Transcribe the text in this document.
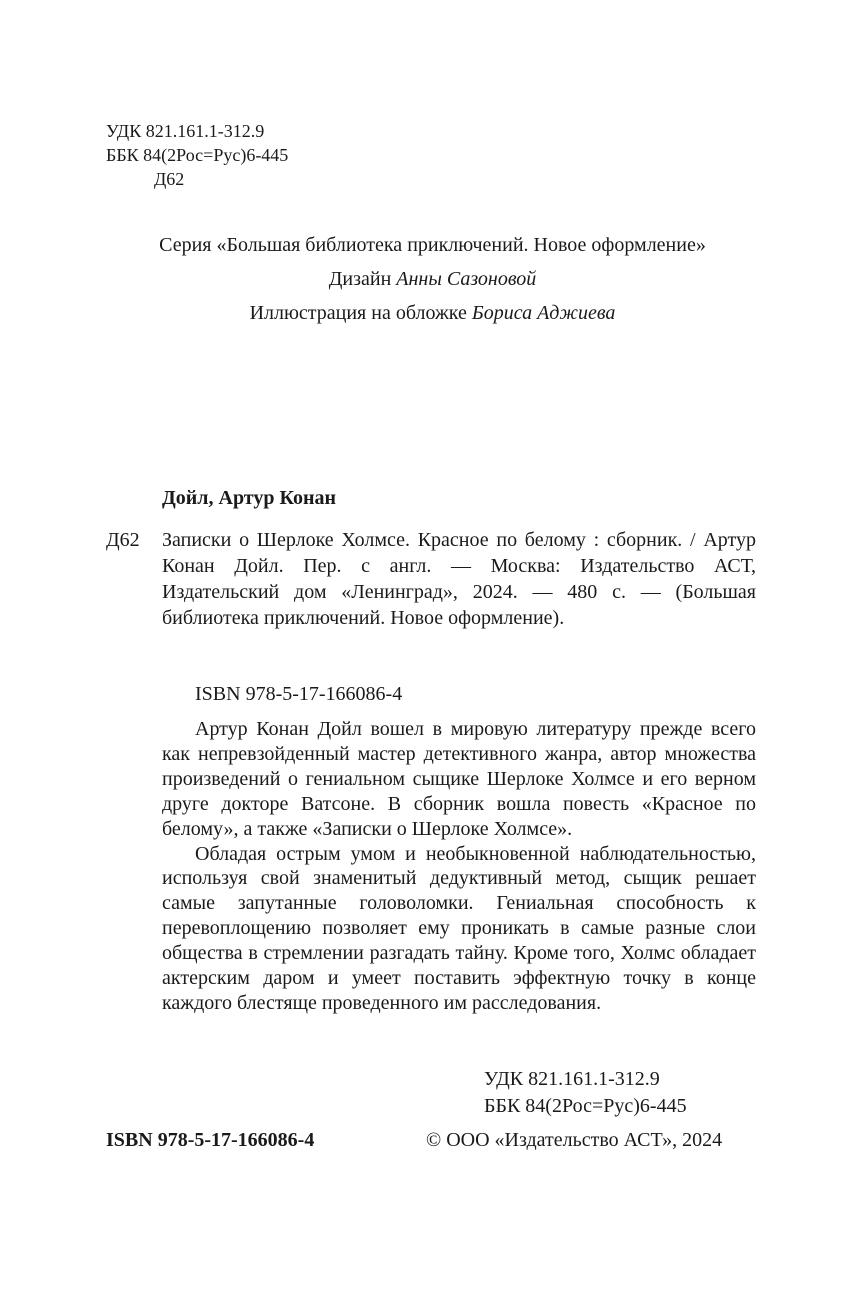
УДК 821.161.1-312.9
ББК 84(2Рос=Рус)6-445
Д62
Серия «Большая библиотека приключений. Новое оформление»
Дизайн Анны Сазоновой
Иллюстрация на обложке Бориса Аджиева
Дойл, Артур Конан
Д62 Записки о Шерлоке Холмсе. Красное по белому : сборник. / Артур Конан Дойл. Пер. с англ. — Москва: Издательство АСТ, Издательский дом «Ленинград», 2024. — 480 с. — (Большая библиотека приключений. Новое оформление).
ISBN 978-5-17-166086-4

Артур Конан Дойл вошел в мировую литературу прежде всего как непревзойденный мастер детективного жанра, автор множества произведений о гениальном сыщике Шерлоке Холмсе и его верном друге докторе Ватсоне. В сборник вошла повесть «Красное по белому», а также «Записки о Шерлоке Холмсе».

Обладая острым умом и необыкновенной наблюдательностью, используя свой знаменитый дедуктивный метод, сыщик решает самые запутанные головоломки. Гениальная способность к перевоплощению позволяет ему проникать в самые разные слои общества в стремлении разгадать тайну. Кроме того, Холмс обладает актерским даром и умеет поставить эффектную точку в конце каждого блестяще проведенного им расследования.

УДК 821.161.1-312.9
ББК 84(2Рос=Рус)6-445
ISBN 978-5-17-166086-4	© ООО «Издательство АСТ», 2024
